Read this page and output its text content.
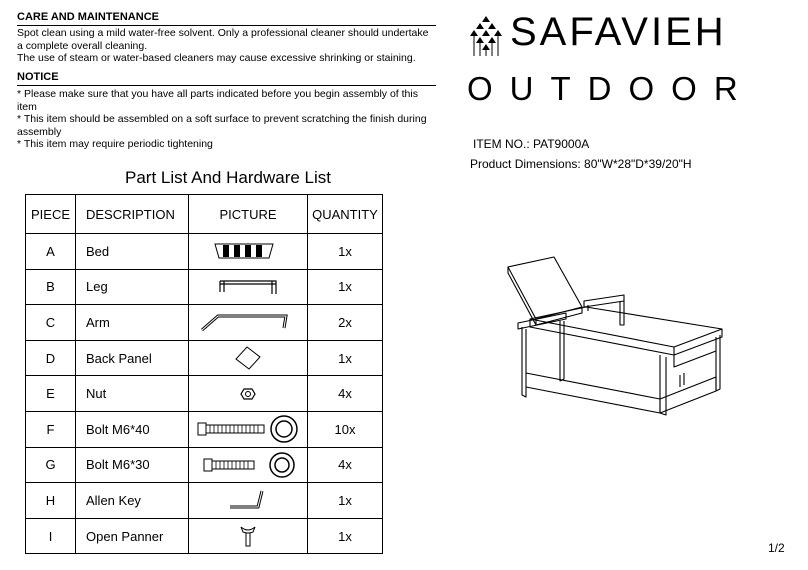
CARE AND MAINTENANCE
Spot clean using a mild water-free solvent. Only a professional cleaner should undertake
a complete overall cleaning.
The use of steam or water-based cleaners may cause excessive shrinking or staining.
NOTICE
* Please make sure that you have all parts indicated before you begin assembly of this
item
* This item should be assembled on a soft surface to prevent scratching the finish during
assembly
* This item may require periodic tightening
SAFAVIEH
OUTDOOR
ITEM NO.: PAT9000A
Product Dimensions: 80"W*28"D*39/20"H
Part List And Hardware List
PIECE	DESCRIPTION	PICTURE	QUANTITY
A	Bed		1x
B	Leg		1x
C	Arm		2x
D	Back Panel		1x
E	Nut		4x
F	Bolt M6*40		10x
G	Bolt M6*30		4x
H	Allen Key		1x
I	Open Panner		1x
1/2
